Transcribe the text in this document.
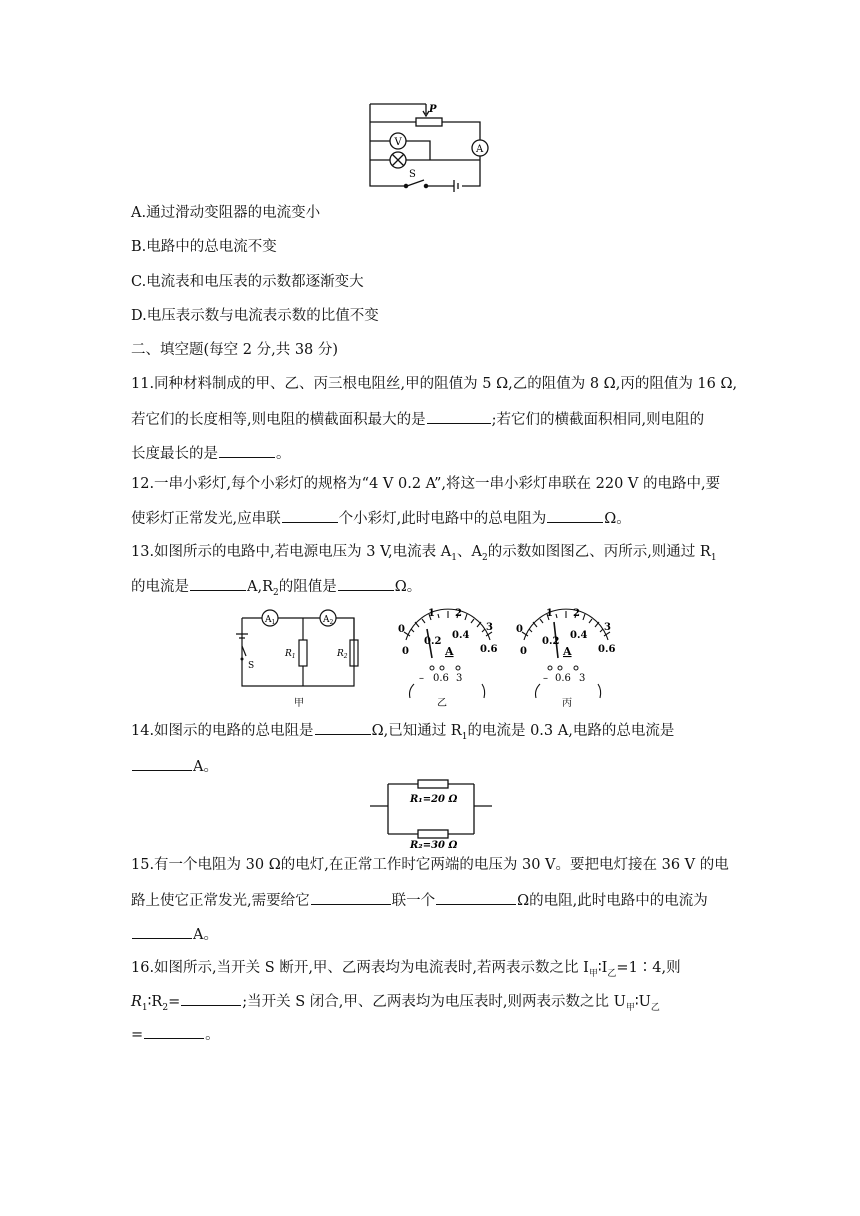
P
V
A
S
A.通过滑动变阻器的电流变小
B.电路中的总电流不变
C.电流表和电压表的示数都逐渐变大
D.电压表示数与电流表示数的比值不变
二、填空题(每空 2 分,共 38 分)
11.同种材料制成的甲、乙、丙三根电阻丝,甲的阻值为 5 Ω,乙的阻值为 8 Ω,丙的阻值为 16 Ω,
若它们的长度相等,则电阻的横截面积最大的是	;若它们的横截面积相同,则电阻的
长度最长的是	。
12.一串小彩灯,每个小彩灯的规格为“4 V 0.2 A”,将这一串小彩灯串联在 220 V 的电路中,要
使彩灯正常发光,应串联	个小彩灯,此时电路中的总电阻为	Ω。
13.如图所示的电路中,若电源电压为 3 V,电流表 $A_1$、$A_2$的示数如图图乙、丙所示,则通过 $R_1$
的电流是	$A,R_2$的阻值是	Ω。
$A_1$	$A_2$
$R_1$	$R_2$
S
甲
1 2
3
0
0
0.2
0.4
0.6
A
– 0.6 3
乙
1 2
3
0
0
0.2
0.4
0.6
A
– 0.6 3
丙
14.如图示的电路的总电阻是	Ω,已知通过 $R_1$的电流是 0.3 A,电路的总电流是
A。
R₁=20 Ω
R₂=30 Ω
15.有一个电阻为 30 Ω的电灯,在正常工作时它两端的电压为 30 V。要把电灯接在 36 V 的电
路上使它正常发光,需要给它	联一个	Ω的电阻,此时电路中的电流为
A。
16.如图所示,当开关 S 断开,甲、乙两表均为电流表时,若两表示数之比 $I_甲∶I_乙=1∶4$,则
$R_1∶R_2=$	;当开关 S 闭合,甲、乙两表均为电压表时,则两表示数之比 $U_甲∶U_乙$
=	。
